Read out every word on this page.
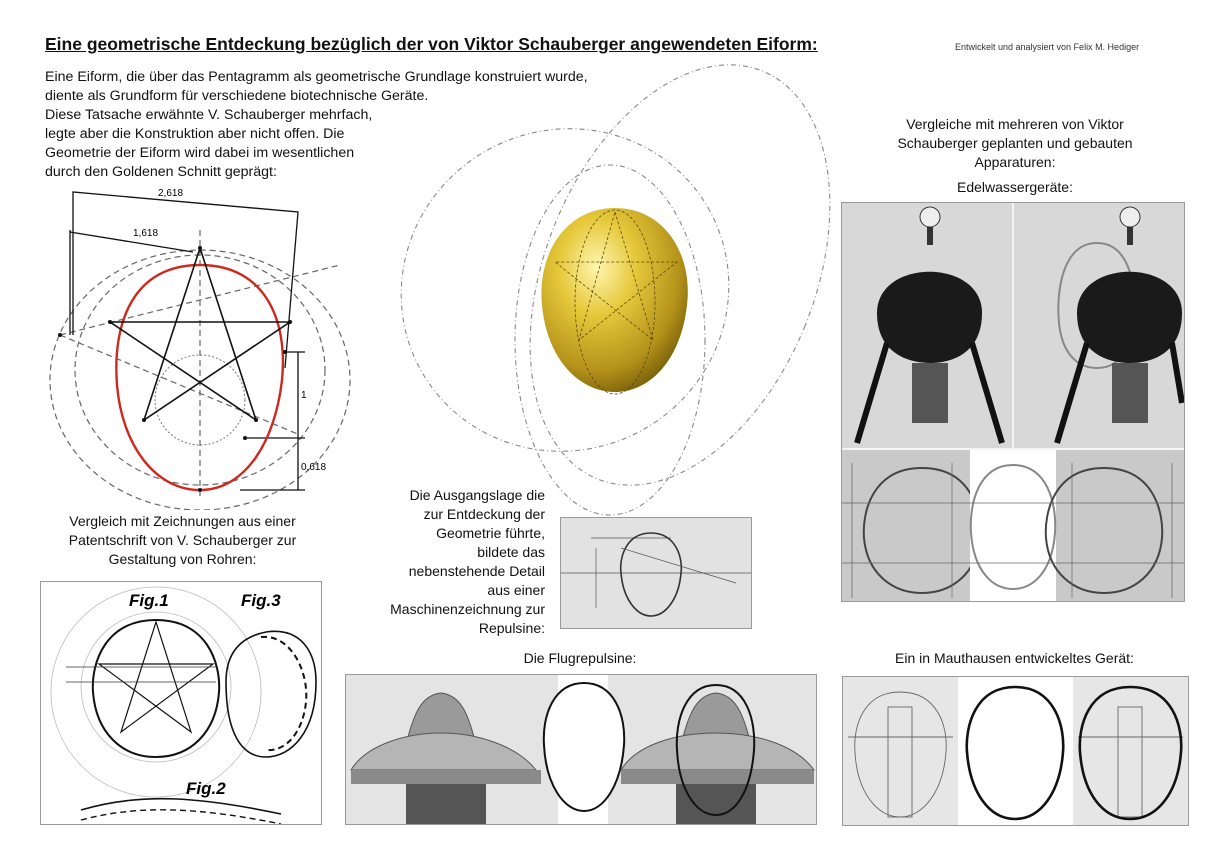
Eine geometrische Entdeckung bezüglich der von Viktor Schauberger angewendeten Eiform:	Entwickelt und analysiert von Felix M. Hediger
Eine Eiform, die über das Pentagramm als geometrische Grundlage konstruiert wurde,
diente als Grundform für verschiedene biotechnische Geräte.
Diese Tatsache erwähnte V. Schauberger mehrfach,
legte aber die Konstruktion aber nicht offen. Die
Geometrie der Eiform wird dabei im wesentlichen
durch den Goldenen Schnitt geprägt:
2,618
1,618
1
0,618
Vergleiche mit mehreren von Viktor
Schauberger geplanten und gebauten
Apparaturen:
Edelwassergeräte:
Vergleich mit Zeichnungen aus einer
Patentschrift von V. Schauberger zur
Gestaltung von Rohren:
Fig.1	Fig.3
Fig.2
Die Ausgangslage die
zur Entdeckung der
Geometrie führte,
bildete das
nebenstehende Detail
aus einer
Maschinenzeichnung zur
Repulsine:
Die Flugrepulsine:	Ein in Mauthausen entwickeltes Gerät:
